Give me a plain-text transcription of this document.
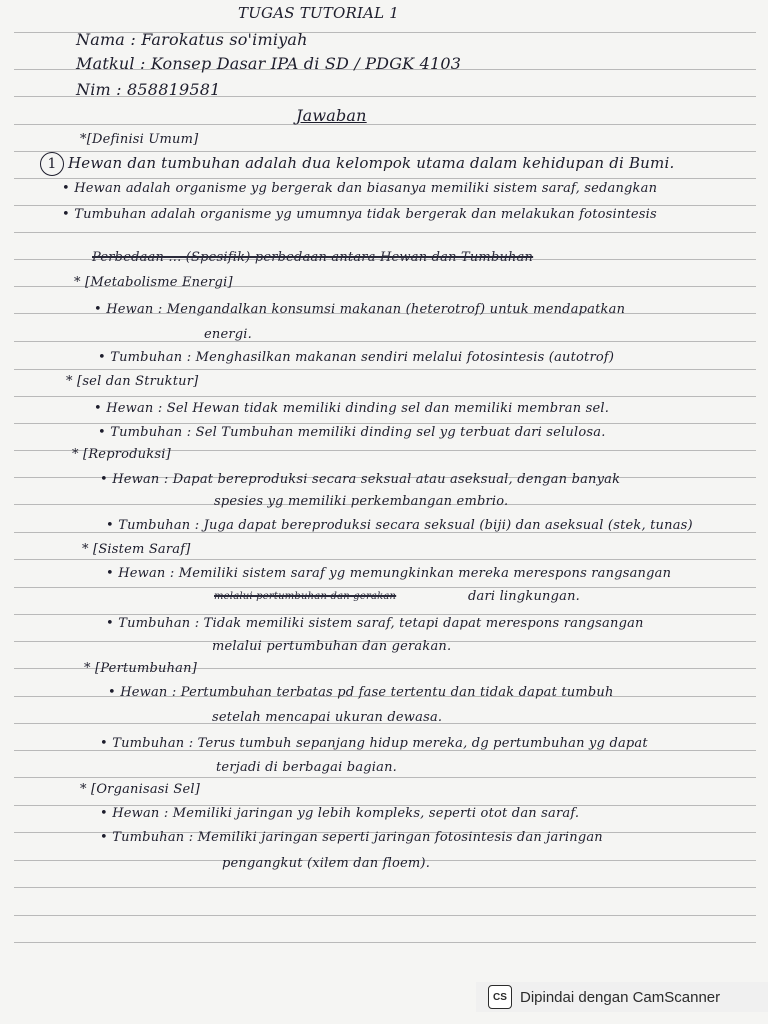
TUGAS TUTORIAL 1
Nama : Farokatus so'imiyah
Matkul : Konsep Dasar IPA di SD / PDGK 4103
Nim : 858819581
Jawaban
*[Definisi Umum]
1 Hewan dan tumbuhan adalah dua kelompok utama dalam kehidupan di Bumi.
• Hewan adalah organisme yg bergerak dan biasanya memiliki sistem saraf, sedangkan
• Tumbuhan adalah organisme yg umumnya tidak bergerak dan melakukan fotosintesis
Perbedaan ... (Spesifik) perbedaan antara Hewan dan Tumbuhan
* [Metabolisme Energi]
• Hewan : Mengandalkan konsumsi makanan (heterotrof) untuk mendapatkan
energi.
• Tumbuhan : Menghasilkan makanan sendiri melalui fotosintesis (autotrof)
* [sel dan Struktur]
• Hewan : Sel Hewan tidak memiliki dinding sel dan memiliki membran sel.
• Tumbuhan : Sel Tumbuhan memiliki dinding sel yg terbuat dari selulosa.
* [Reproduksi]
• Hewan : Dapat bereproduksi secara seksual atau aseksual, dengan banyak
spesies yg memiliki perkembangan embrio.
• Tumbuhan : Juga dapat bereproduksi secara seksual (biji) dan aseksual (stek, tunas)
* [Sistem Saraf]
• Hewan : Memiliki sistem saraf yg memungkinkan mereka merespons rangsangan
melalui pertumbuhan dan gerakan	dari lingkungan.
• Tumbuhan : Tidak memiliki sistem saraf, tetapi dapat merespons rangsangan
melalui pertumbuhan dan gerakan.
* [Pertumbuhan]
• Hewan : Pertumbuhan terbatas pd fase tertentu dan tidak dapat tumbuh
setelah mencapai ukuran dewasa.
• Tumbuhan : Terus tumbuh sepanjang hidup mereka, dg pertumbuhan yg dapat
terjadi di berbagai bagian.
* [Organisasi Sel]
• Hewan : Memiliki jaringan yg lebih kompleks, seperti otot dan saraf.
• Tumbuhan : Memiliki jaringan seperti jaringan fotosintesis dan jaringan
pengangkut (xilem dan floem).
CS Dipindai dengan CamScanner
